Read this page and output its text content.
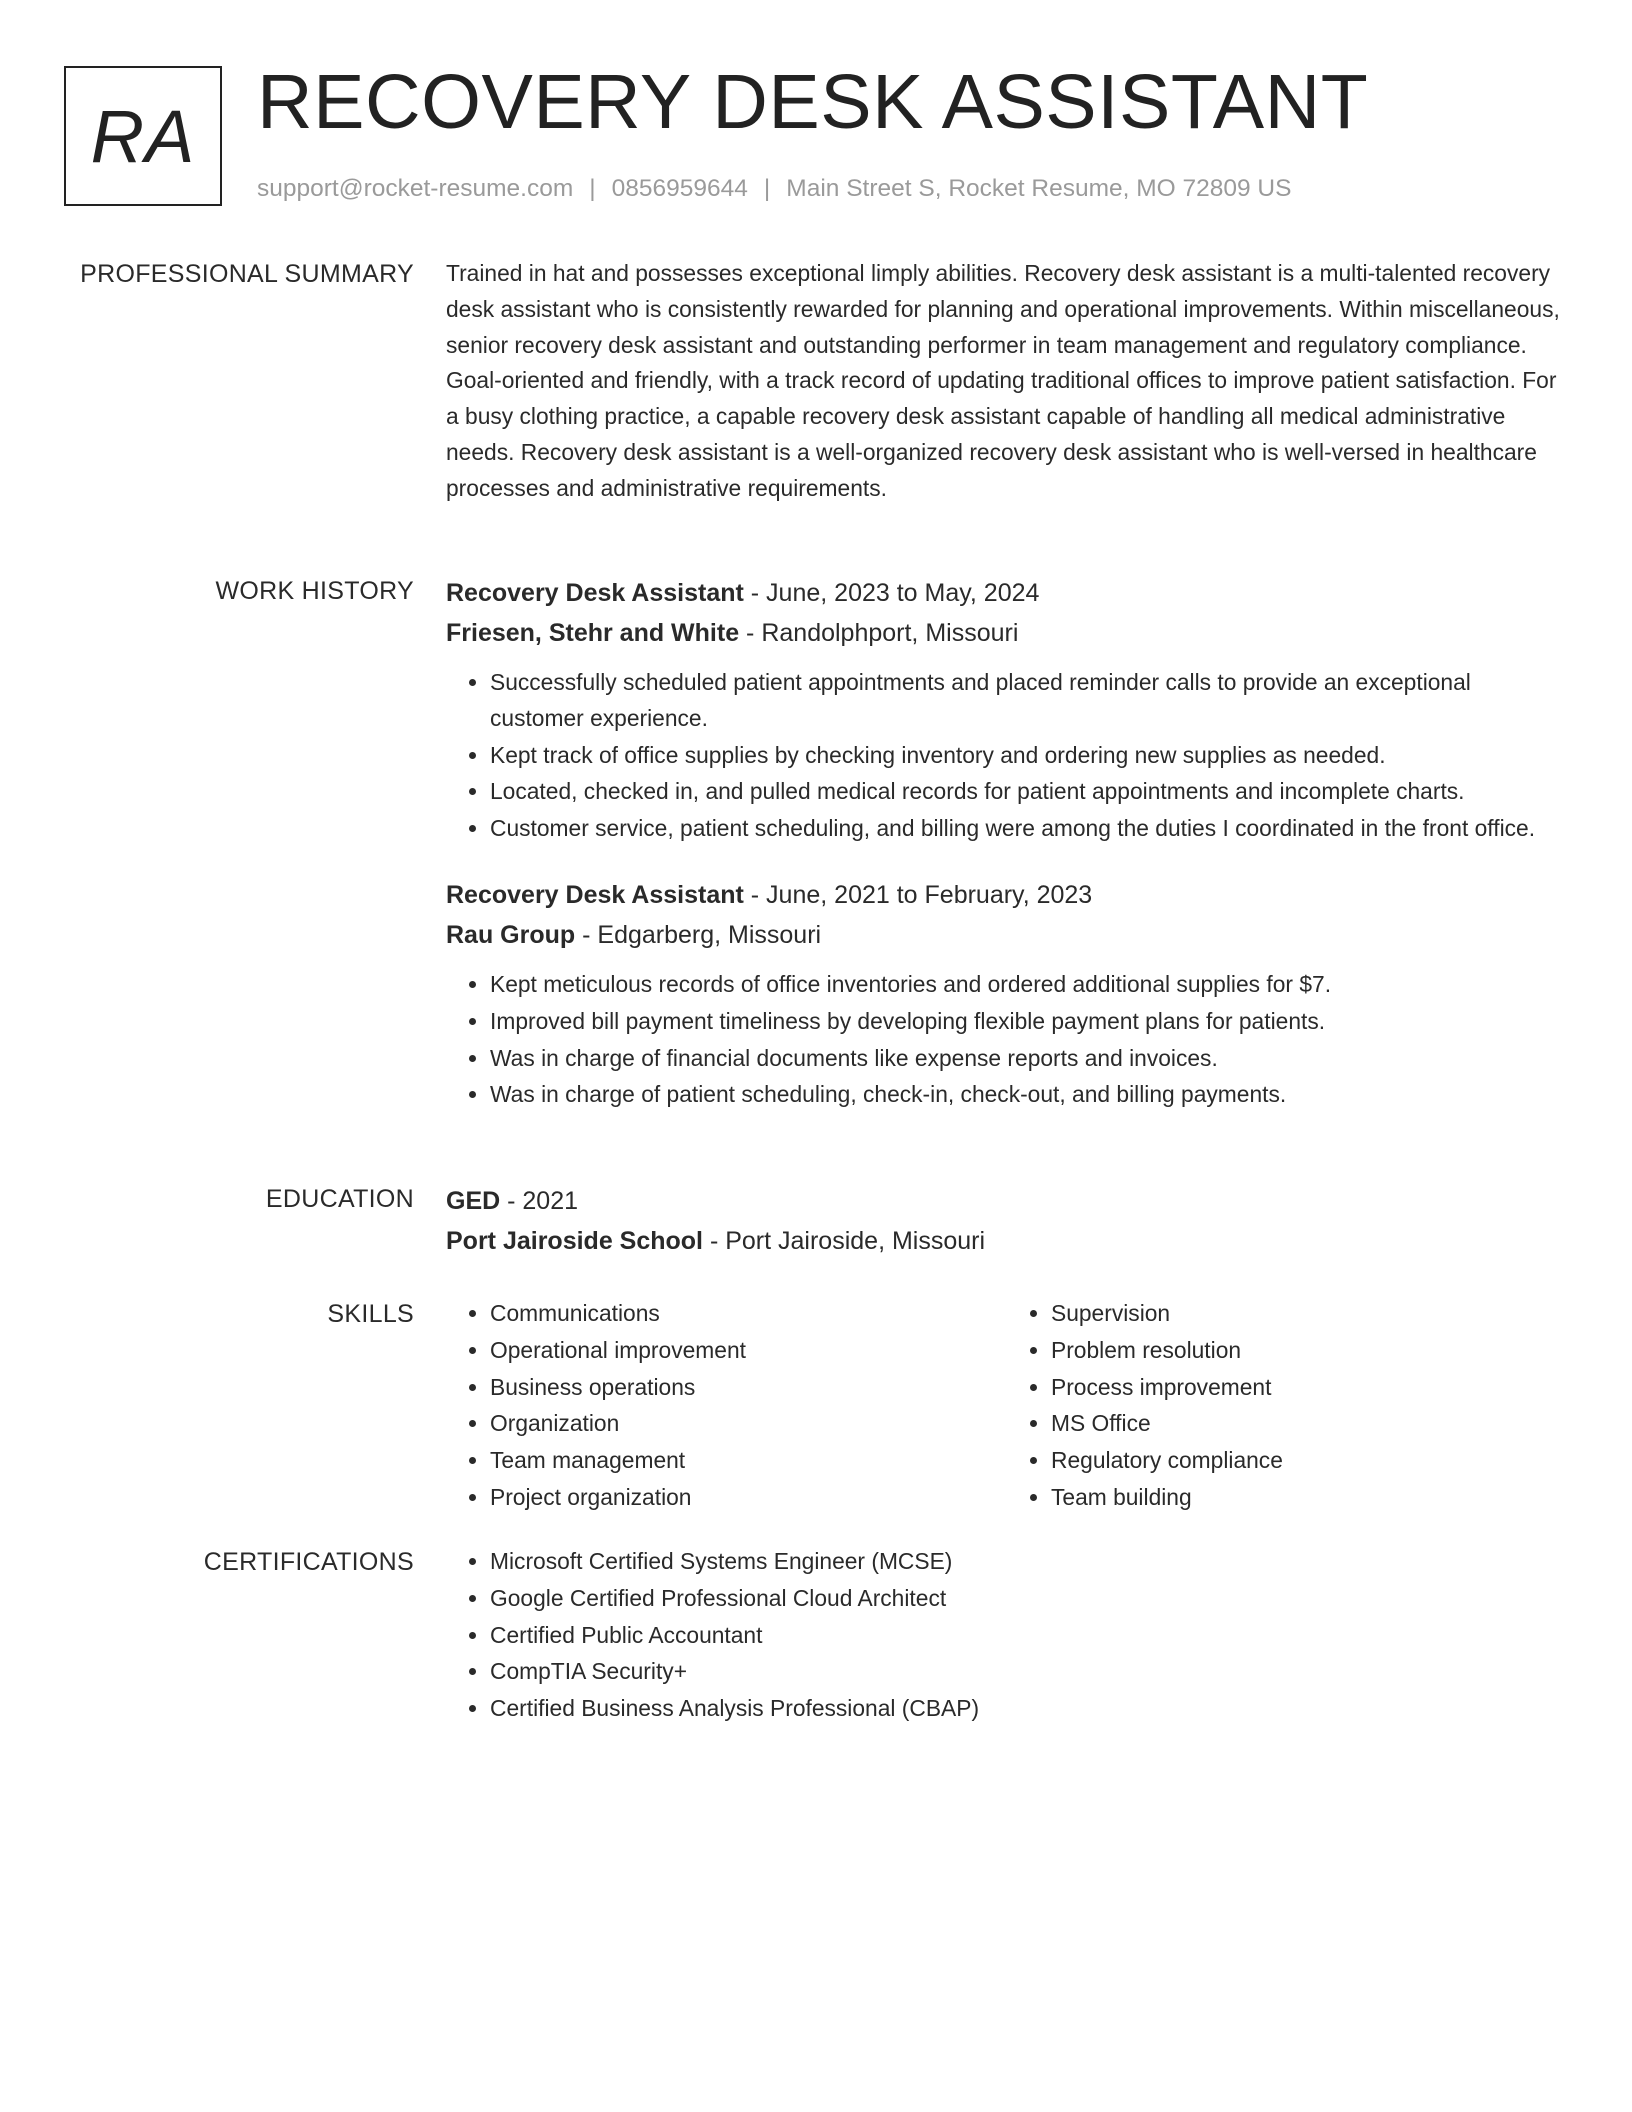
RA RECOVERY DESK ASSISTANT
support@rocket-resume.com | 0856959644 | Main Street S, Rocket Resume, MO 72809 US
PROFESSIONAL SUMMARY Trained in hat and possesses exceptional limply abilities. Recovery desk assistant is a multi-talented recovery desk assistant who is consistently rewarded for planning and operational improvements. Within miscellaneous, senior recovery desk assistant and outstanding performer in team management and regulatory compliance. Goal-oriented and friendly, with a track record of updating traditional offices to improve patient satisfaction. For a busy clothing practice, a capable recovery desk assistant capable of handling all medical administrative needs. Recovery desk assistant is a well-organized recovery desk assistant who is well-versed in healthcare processes and administrative requirements.

WORK HISTORY Recovery Desk Assistant - June, 2023 to May, 2024
Friesen, Stehr and White - Randolphport, Missouri
• Successfully scheduled patient appointments and placed reminder calls to provide an exceptional customer experience.
• Kept track of office supplies by checking inventory and ordering new supplies as needed.
• Located, checked in, and pulled medical records for patient appointments and incomplete charts.
• Customer service, patient scheduling, and billing were among the duties I coordinated in the front office.
Recovery Desk Assistant - June, 2021 to February, 2023
Rau Group - Edgarberg, Missouri
• Kept meticulous records of office inventories and ordered additional supplies for $7.
• Improved bill payment timeliness by developing flexible payment plans for patients.
• Was in charge of financial documents like expense reports and invoices.
• Was in charge of patient scheduling, check-in, check-out, and billing payments.
EDUCATION GED - 2021
Port Jairoside School - Port Jairoside, Missouri
SKILLS	• Communications
• Operational improvement
• Business operations
• Organization
• Team management
• Project organization
• Supervision
• Problem resolution
• Process improvement
• MS Office
• Regulatory compliance
• Team building
CERTIFICATIONS	• Microsoft Certified Systems Engineer (MCSE)
• Google Certified Professional Cloud Architect
• Certified Public Accountant
• CompTIA Security+
• Certified Business Analysis Professional (CBAP)
